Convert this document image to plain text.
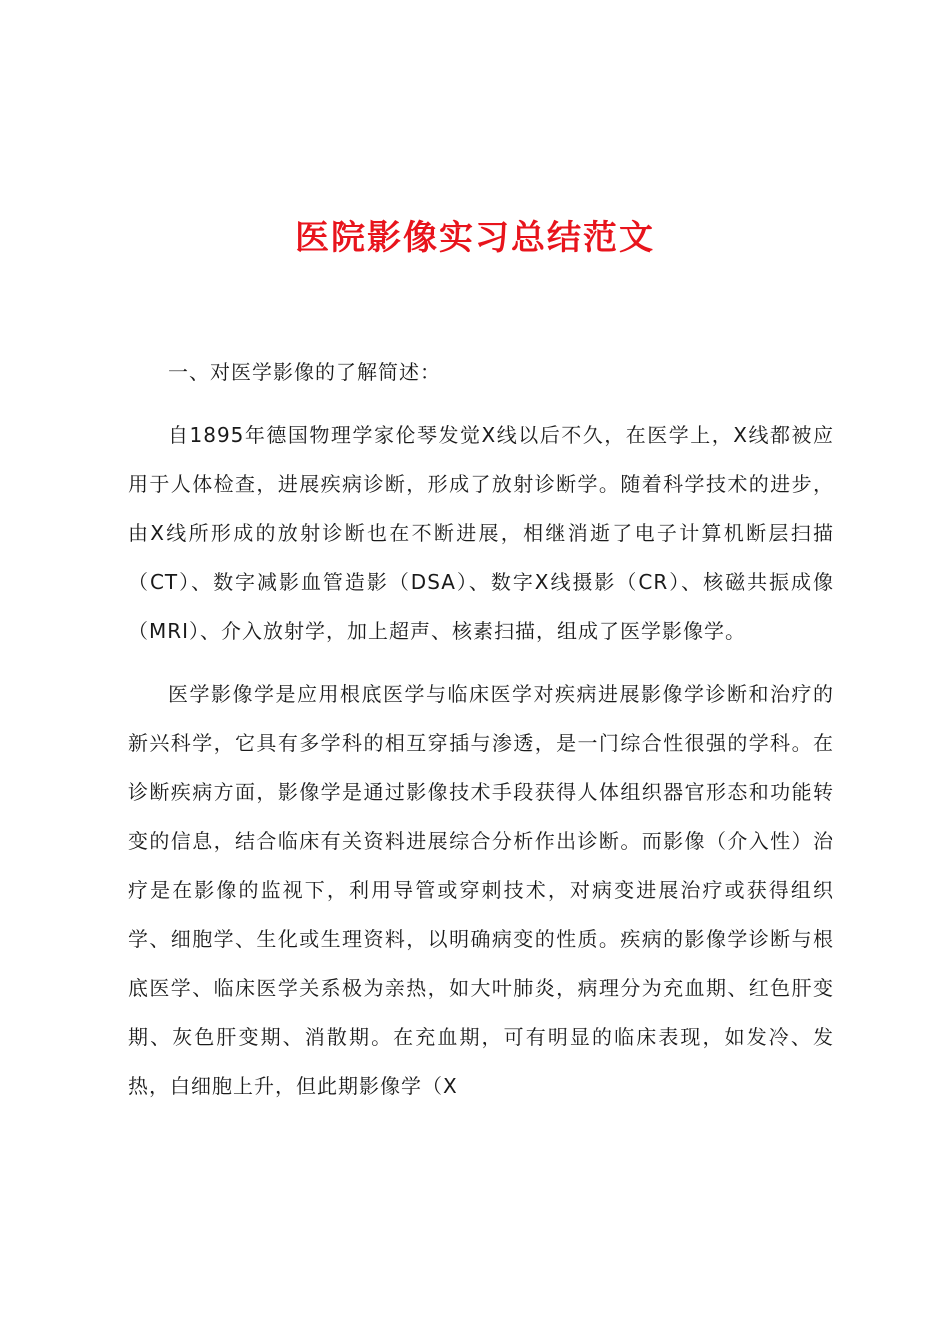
医院影像实习总结范文

一、对医学影像的了解简述：

自1895年德国物理学家伦琴发觉X线以后不久，在医学上，X线都被应用于人体检查，进展疾病诊断，形成了放射诊断学。随着科学技术的进步，由X线所形成的放射诊断也在不断进展，相继消逝了电子计算机断层扫描（CT）、数字减影血管造影（DSA）、数字X线摄影（CR）、核磁共振成像（MRI）、介入放射学，加上超声、核素扫描，组成了医学影像学。

医学影像学是应用根底医学与临床医学对疾病进展影像学诊断和治疗的新兴科学，它具有多学科的相互穿插与渗透，是一门综合性很强的学科。在诊断疾病方面，影像学是通过影像技术手段获得人体组织器官形态和功能转变的信息，结合临床有关资料进展综合分析作出诊断。而影像（介入性）治疗是在影像的监视下，利用导管或穿刺技术，对病变进展治疗或获得组织学、细胞学、生化或生理资料，以明确病变的性质。疾病的影像学诊断与根底医学、临床医学关系极为亲热，如大叶肺炎，病理分为充血期、红色肝变期、灰色肝变期、消散期。在充血期，可有明显的临床表现，如发冷、发热，白细胞上升，但此期影像学（X
